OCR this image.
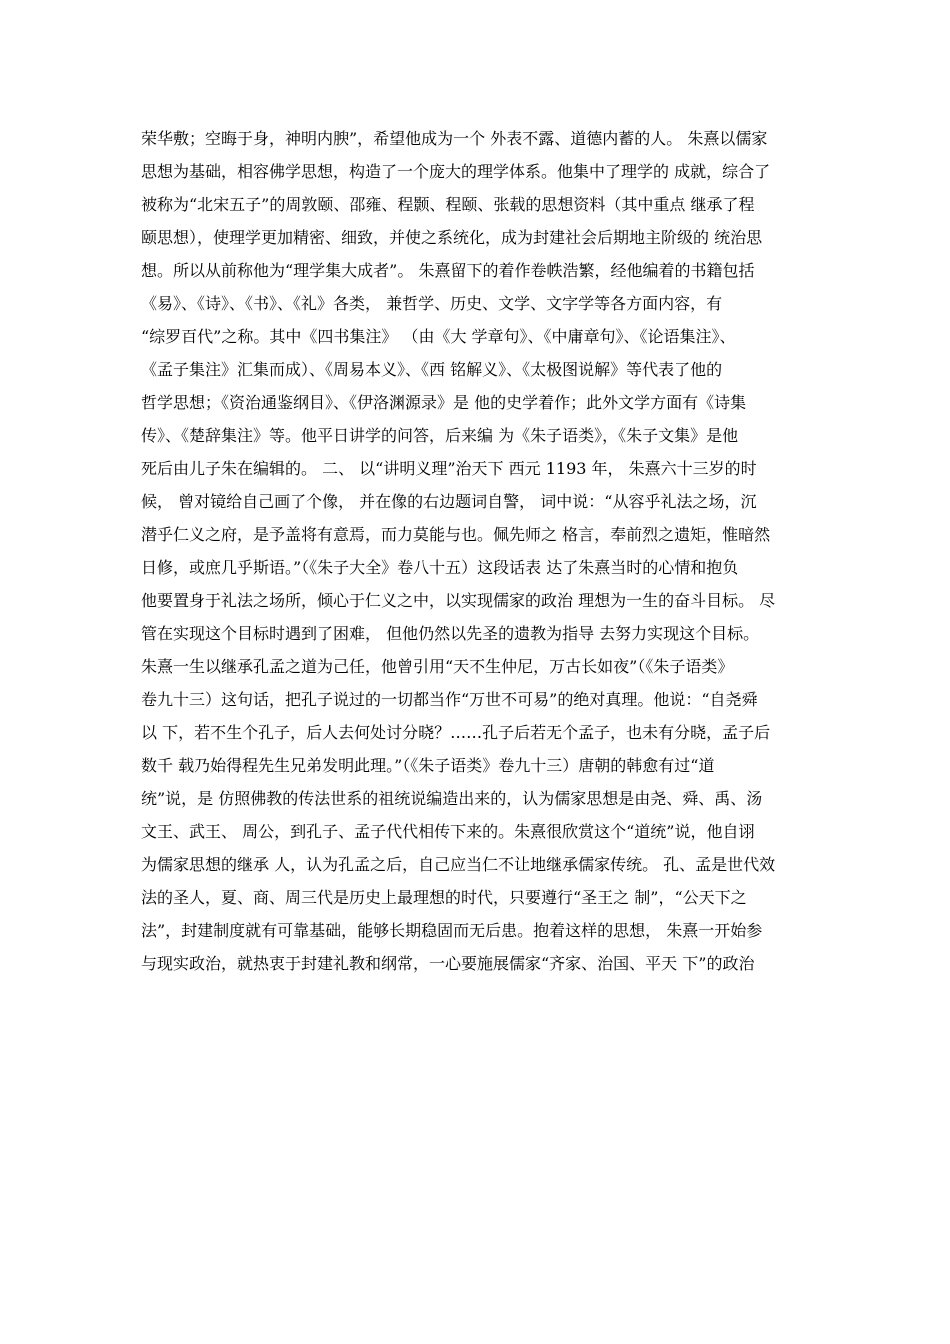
荣华敷；空晦于身，神明内腴”，希望他成为一个 外表不露、道德内蓄的人。 朱熹以儒家
思想为基础，相容佛学思想，构造了一个庞大的理学体系。他集中了理学的 成就，综合了
被称为“北宋五子”的周敦颐、邵雍、程颢、程颐、张载的思想资料（其中重点 继承了程
颐思想），使理学更加精密、细致，并使之系统化，成为封建社会后期地主阶级的 统治思
想。所以从前称他为“理学集大成者”。 朱熹留下的着作卷帙浩繁，经他编着的书籍包括
《易》、《诗》、《书》、《礼》各类， 兼哲学、历史、文学、文字学等各方面内容，有
“综罗百代”之称。其中《四书集注》 （由《大 学章句》、《中庸章句》、《论语集注》、
《孟子集注》汇集而成）、《周易本义》、《西 铭解义》、《太极图说解》等代表了他的
哲学思想；《资治通鉴纲目》、《伊洛渊源录》是 他的史学着作；此外文学方面有《诗集
传》、《楚辞集注》等。他平日讲学的问答，后来编 为《朱子语类》，《朱子文集》是他
死后由儿子朱在编辑的。 二、 以“讲明义理”治天下 西元 1193 年， 朱熹六十三岁的时
候， 曾对镜给自己画了个像， 并在像的右边题词自警， 词中说：“从容乎礼法之场，沉
潜乎仁义之府，是予盖将有意焉，而力莫能与也。佩先师之 格言，奉前烈之遗矩，惟暗然
日修，或庶几乎斯语。”（《朱子大全》卷八十五）这段话表 达了朱熹当时的心情和抱负
他要置身于礼法之场所，倾心于仁义之中，以实现儒家的政治 理想为一生的奋斗目标。 尽
管在实现这个目标时遇到了困难， 但他仍然以先圣的遗教为指导 去努力实现这个目标。
朱熹一生以继承孔孟之道为己任，他曾引用“天不生仲尼，万古长如夜”（《朱子语类》
卷九十三）这句话，把孔子说过的一切都当作“万世不可易”的绝对真理。他说：“自尧舜
以 下，若不生个孔子，后人去何处讨分晓？……孔子后若无个孟子，也未有分晓，孟子后
数千 载乃始得程先生兄弟发明此理。”（《朱子语类》卷九十三）唐朝的韩愈有过“道
统”说，是 仿照佛教的传法世系的祖统说编造出来的，认为儒家思想是由尧、舜、禹、汤
文王、武王、 周公，到孔子、孟子代代相传下来的。朱熹很欣赏这个“道统”说，他自诩
为儒家思想的继承 人，认为孔孟之后，自己应当仁不让地继承儒家传统。 孔、孟是世代效
法的圣人，夏、商、周三代是历史上最理想的时代，只要遵行“圣王之 制”，“公天下之
法”，封建制度就有可靠基础，能够长期稳固而无后患。抱着这样的思想， 朱熹一开始参
与现实政治，就热衷于封建礼教和纲常，一心要施展儒家“齐家、治国、平天 下”的政治
